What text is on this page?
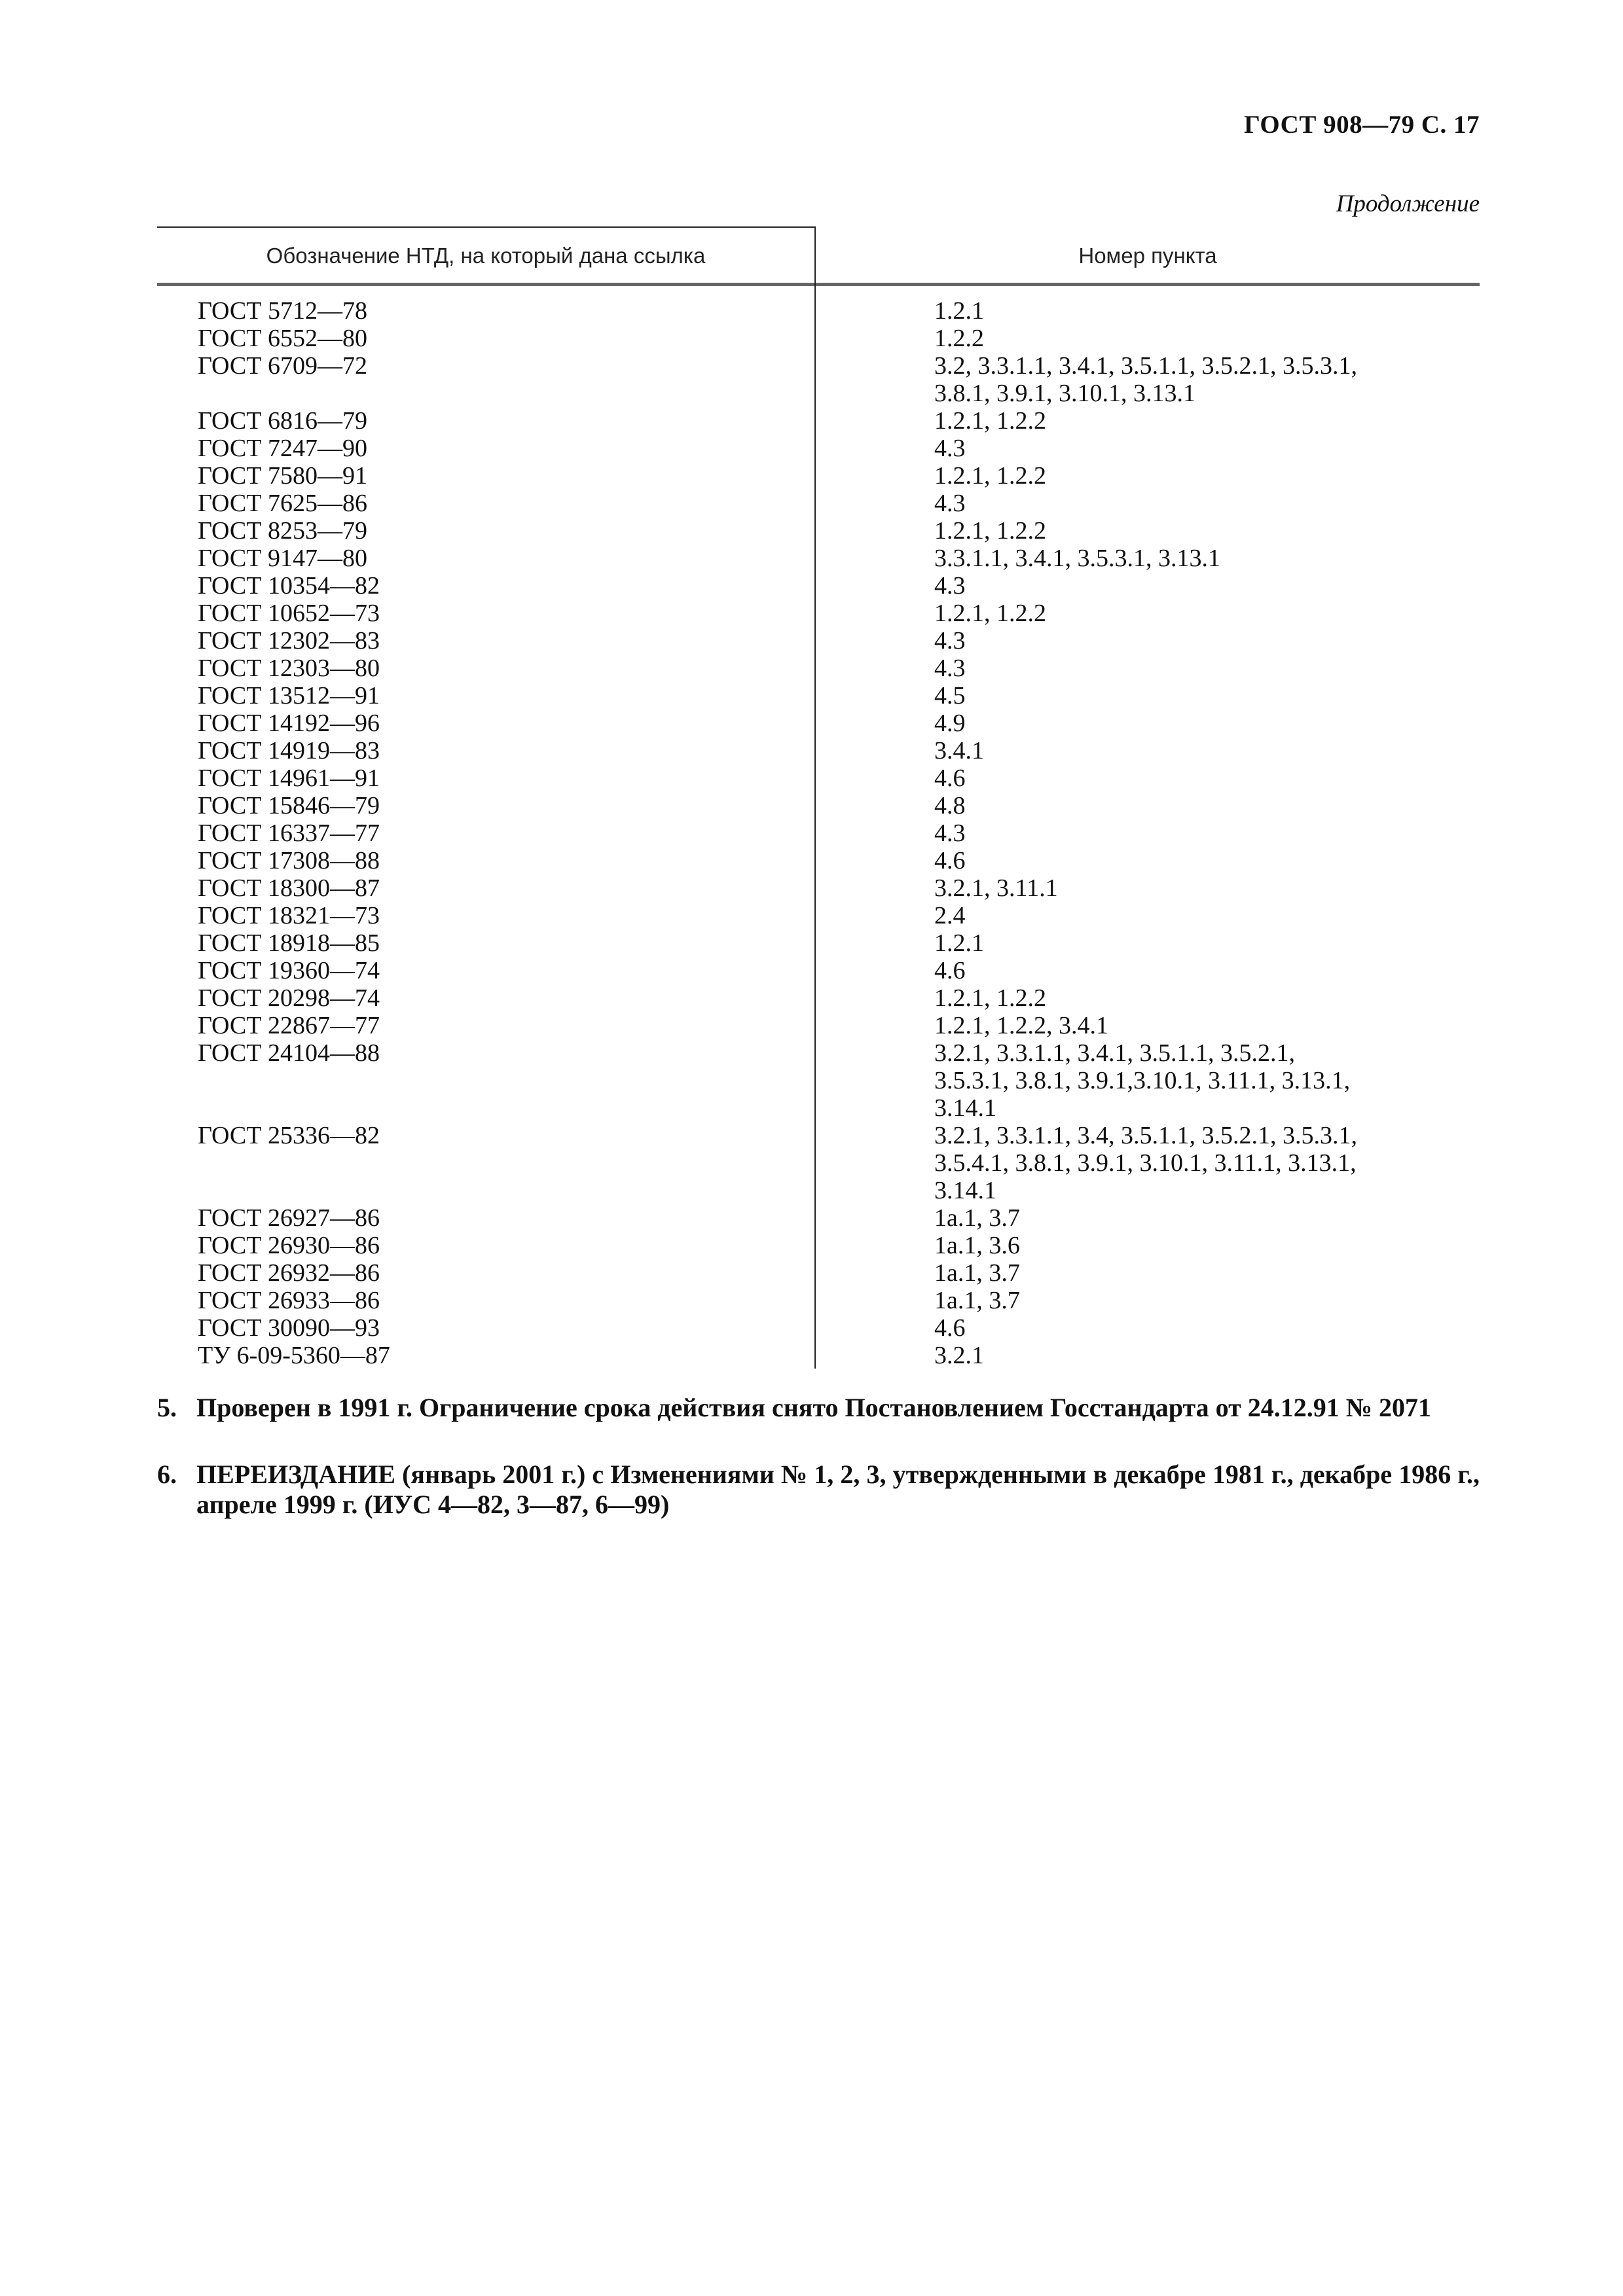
ГОСТ 908—79 С. 17
Продолжение
Обозначение НТД, на который дана ссылка	Номер пункта
ГОСТ 5712—78	1.2.1
ГОСТ 6552—80	1.2.2
ГОСТ 6709—72	3.2, 3.3.1.1, 3.4.1, 3.5.1.1, 3.5.2.1, 3.5.3.1,
3.8.1, 3.9.1, 3.10.1, 3.13.1
ГОСТ 6816—79	1.2.1, 1.2.2
ГОСТ 7247—90	4.3
ГОСТ 7580—91	1.2.1, 1.2.2
ГОСТ 7625—86	4.3
ГОСТ 8253—79	1.2.1, 1.2.2
ГОСТ 9147—80	3.3.1.1, 3.4.1, 3.5.3.1, 3.13.1
ГОСТ 10354—82	4.3
ГОСТ 10652—73	1.2.1, 1.2.2
ГОСТ 12302—83	4.3
ГОСТ 12303—80	4.3
ГОСТ 13512—91	4.5
ГОСТ 14192—96	4.9
ГОСТ 14919—83	3.4.1
ГОСТ 14961—91	4.6
ГОСТ 15846—79	4.8
ГОСТ 16337—77	4.3
ГОСТ 17308—88	4.6
ГОСТ 18300—87	3.2.1, 3.11.1
ГОСТ 18321—73	2.4
ГОСТ 18918—85	1.2.1
ГОСТ 19360—74	4.6
ГОСТ 20298—74	1.2.1, 1.2.2
ГОСТ 22867—77	1.2.1, 1.2.2, 3.4.1
ГОСТ 24104—88	3.2.1, 3.3.1.1, 3.4.1, 3.5.1.1, 3.5.2.1,
3.5.3.1, 3.8.1, 3.9.1,3.10.1, 3.11.1, 3.13.1,
3.14.1
ГОСТ 25336—82	3.2.1, 3.3.1.1, 3.4, 3.5.1.1, 3.5.2.1, 3.5.3.1,
3.5.4.1, 3.8.1, 3.9.1, 3.10.1, 3.11.1, 3.13.1,
3.14.1
ГОСТ 26927—86	1а.1, 3.7
ГОСТ 26930—86	1а.1, 3.6
ГОСТ 26932—86	1а.1, 3.7
ГОСТ 26933—86	1а.1, 3.7
ГОСТ 30090—93	4.6
ТУ 6-09-5360—87	3.2.1
5. Проверен в 1991 г. Ограничение срока действия снято Постановлением Госстандарта от 24.12.91 № 2071
6. ПЕРЕИЗДАНИЕ (январь 2001 г.) с Изменениями № 1, 2, 3, утвержденными в декабре 1981 г., декабре 1986 г., апреле 1999 г. (ИУС 4—82, 3—87, 6—99)
